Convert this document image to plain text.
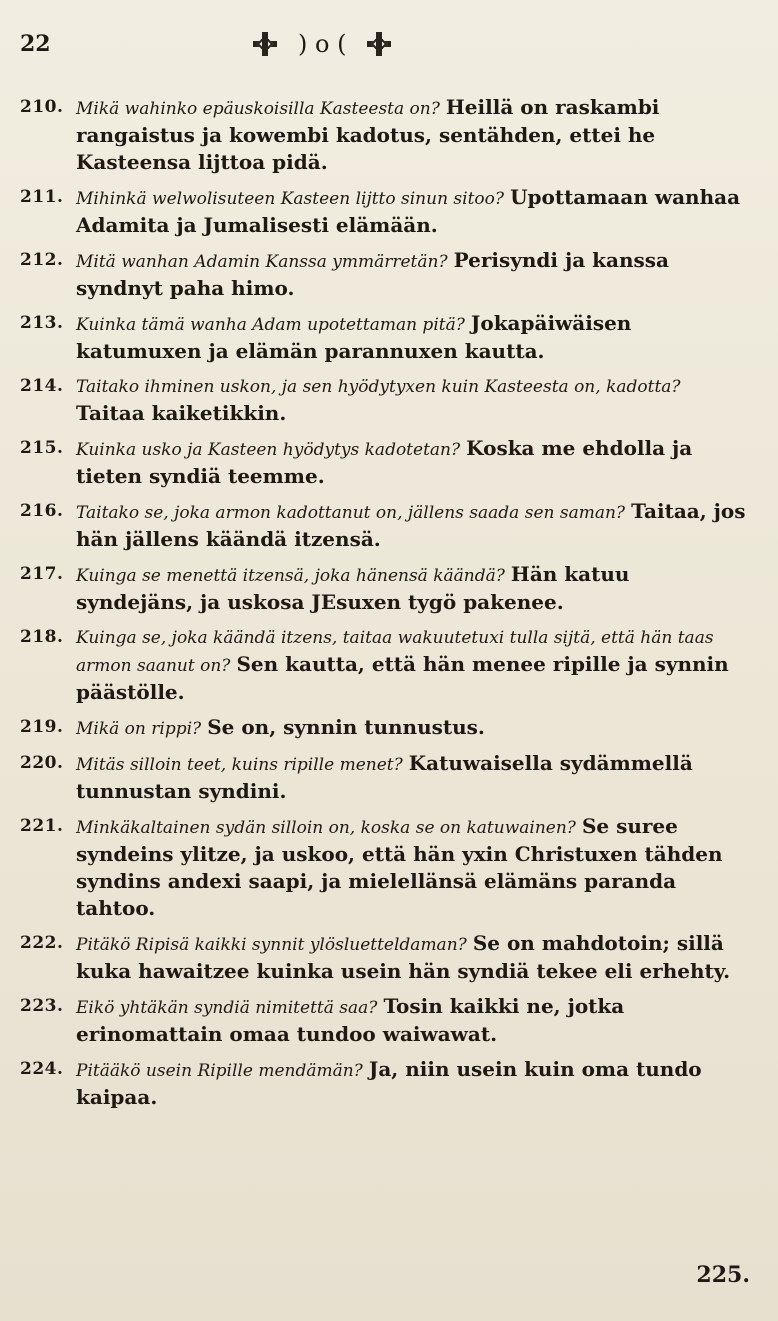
22	) o (
210. Mikä wahinko epäuskoisilla Kasteesta on? Heillä on raskambi rangaistus ja kowembi kadotus, sentähden, ettei he Kasteensa lijttoa pidä.
211. Mihinkä welwolisuteen Kasteen lijtto sinun sitoo? Upottamaan wanhaa Adamita ja Jumalisesti elämään.
212. Mitä wanhan Adamin Kanssa ymmärretän? Perisyndi ja kanssa syndnyt paha himo.
213. Kuinka tämä wanha Adam upotettaman pitä? Jokapäiwäisen katumuxen ja elämän parannuxen kautta.
214. Taitako ihminen uskon, ja sen hyödytyxen kuin Kasteesta on, kadotta? Taitaa kaiketikkin.
215. Kuinka usko ja Kasteen hyödytys kadotetan? Koska me ehdolla ja tieten syndiä teemme.
216. Taitako se, joka armon kadottanut on, jällens saada sen saman? Taitaa, jos hän jällens käändä itzensä.
217. Kuinga se menettä itzensä, joka hänensä käändä? Hän katuu syndejäns, ja uskosa JEsuxen tygö pakenee.
218. Kuinga se, joka käändä itzens, taitaa wakuutetuxi tulla sijtä, että hän taas armon saanut on? Sen kautta, että hän menee ripille ja synnin päästölle.
219. Mikä on rippi? Se on, synnin tunnustus.
220. Mitäs silloin teet, kuins ripille menet? Katuwaisella sydämmellä tunnustan syndini.
221. Minkäkaltainen sydän silloin on, koska se on katuwainen? Se suree syndeins ylitze, ja uskoo, että hän yxin Christuxen tähden syndins andexi saapi, ja mielellänsä elämäns paranda tahtoo.
222. Pitäkö Ripisä kaikki synnit ylösluetteldaman? Se on mahdotoin; sillä kuka hawaitzee kuinka usein hän syndiä tekee eli erhehty.
223. Eikö yhtäkän syndiä nimitettä saa? Tosin kaikki ne, jotka erinomattain omaa tundoo waiwawat.
224. Pitääkö usein Ripille mendämän? Ja, niin usein kuin oma tundo kaipaa.
225.
